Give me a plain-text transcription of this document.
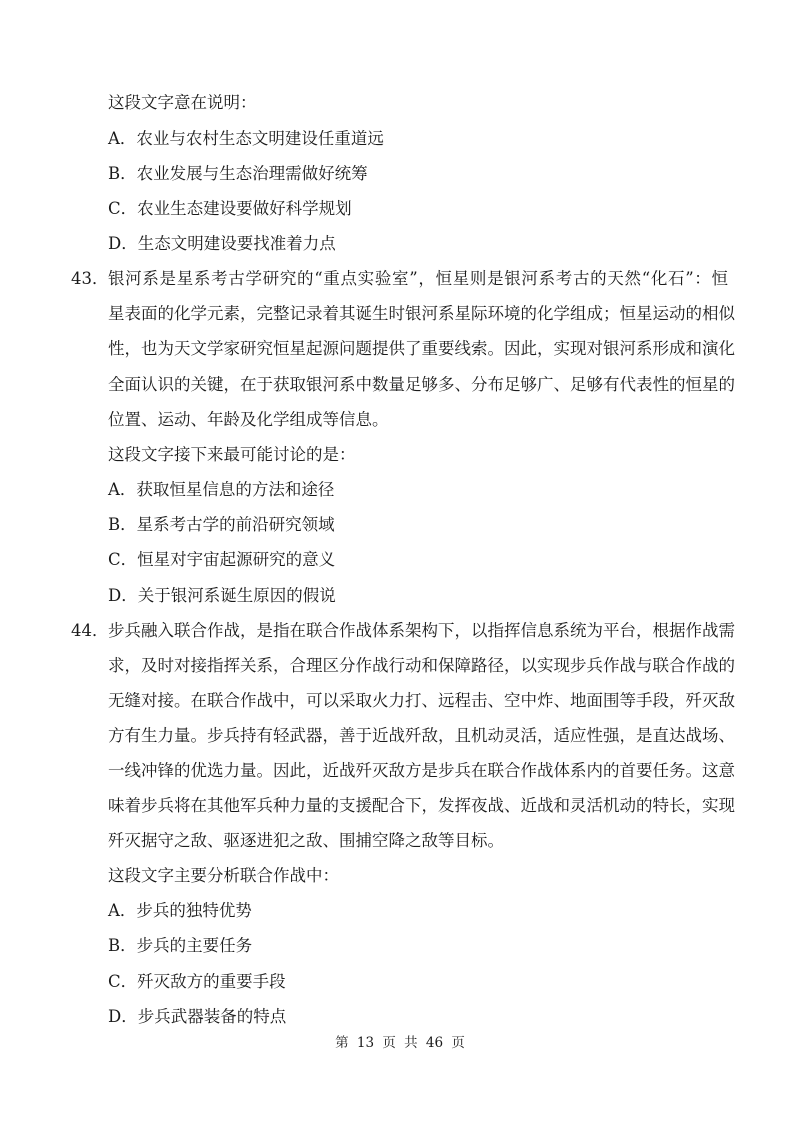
这段文字意在说明：
A．农业与农村生态文明建设任重道远
B．农业发展与生态治理需做好统筹
C．农业生态建设要做好科学规划
D．生态文明建设要找准着力点
43． 银河系是星系考古学研究的“重点实验室”，恒星则是银河系考古的天然“化石”：恒
星表面的化学元素，完整记录着其诞生时银河系星际环境的化学组成；恒星运动的相似
性，也为天文学家研究恒星起源问题提供了重要线索。因此，实现对银河系形成和演化
全面认识的关键，在于获取银河系中数量足够多、分布足够广、足够有代表性的恒星的
位置、运动、年龄及化学组成等信息。
这段文字接下来最可能讨论的是：
A．获取恒星信息的方法和途径
B．星系考古学的前沿研究领域
C．恒星对宇宙起源研究的意义
D．关于银河系诞生原因的假说
44． 步兵融入联合作战，是指在联合作战体系架构下，以指挥信息系统为平台，根据作战需
求，及时对接指挥关系，合理区分作战行动和保障路径，以实现步兵作战与联合作战的
无缝对接。在联合作战中，可以采取火力打、远程击、空中炸、地面围等手段，歼灭敌
方有生力量。步兵持有轻武器，善于近战歼敌，且机动灵活，适应性强，是直达战场、
一线冲锋的优选力量。因此，近战歼灭敌方是步兵在联合作战体系内的首要任务。这意
味着步兵将在其他军兵种力量的支援配合下，发挥夜战、近战和灵活机动的特长，实现
歼灭据守之敌、驱逐进犯之敌、围捕空降之敌等目标。
这段文字主要分析联合作战中：
A．步兵的独特优势
B．步兵的主要任务
C．歼灭敌方的重要手段
D．步兵武器装备的特点
第 13 页 共 46 页
